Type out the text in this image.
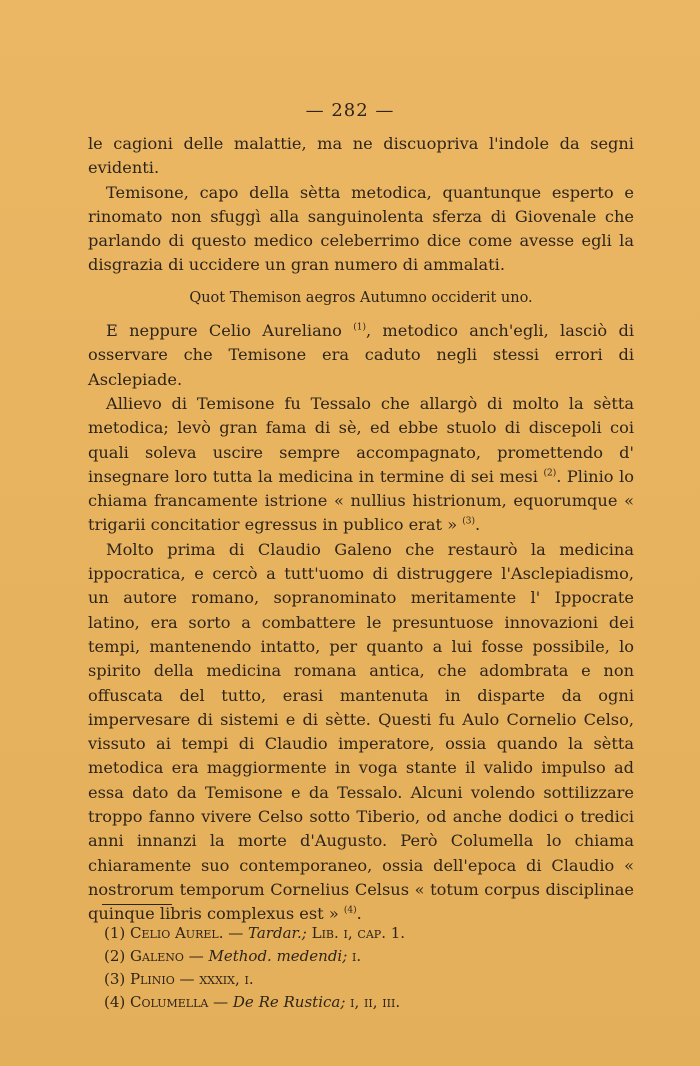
— 282 —

le cagioni delle malattie, ma ne discuopriva l'indole da segni evidenti.

Temisone, capo della sètta metodica, quantunque esperto e rinomato non sfuggì alla sanguinolenta sferza di Giovenale che parlando di questo medico celeberrimo dice come avesse egli la disgrazia di uccidere un gran numero di ammalati.

Quot Themison aegros Autumno occiderit uno.

E neppure Celio Aureliano $^{(1)}$, metodico anch'egli, lasciò di osservare che Temisone era caduto negli stessi errori di Asclepiade.

Allievo di Temisone fu Tessalo che allargò di molto la sètta metodica; levò gran fama di sè, ed ebbe stuolo di discepoli coi quali soleva uscire sempre accompagnato, promettendo d' insegnare loro tutta la medicina in termine di sei mesi $^{(2)}$. Plinio lo chiama francamente istrione « nullius histrionum, equorumque « trigarii concitatior egressus in publico erat » $^{(3)}$.

Molto prima di Claudio Galeno che restaurò la medicina ippocratica, e cercò a tutt'uomo di distruggere l'Asclepiadismo, un autore romano, sopranominato meritamente l' Ippocrate latino, era sorto a combattere le presuntuose innovazioni dei tempi, mantenendo intatto, per quanto a lui fosse possibile, lo spirito della medicina romana antica, che adombrata e non offuscata del tutto, erasi mantenuta in disparte da ogni impervesare di sistemi e di sètte. Questi fu Aulo Cornelio Celso, vissuto ai tempi di Claudio imperatore, ossia quando la sètta metodica era maggiormente in voga stante il valido impulso ad essa dato da Temisone e da Tessalo. Alcuni volendo sottilizzare troppo fanno vivere Celso sotto Tiberio, od anche dodici o tredici anni innanzi la morte d'Augusto. Però Columella lo chiama chiaramente suo contemporaneo, ossia dell'epoca di Claudio « nostrorum temporum Cornelius Celsus « totum corpus disciplinae quinque libris complexus est » $^{(4)}$.

(1) Celio Aurel. — Tardar.; Lib. i, cap. 1.
(2) Galeno — Method. medendi; i.
(3) Plinio — xxxix, i.
(4) Columella — De Re Rustica; i, ii, iii.
